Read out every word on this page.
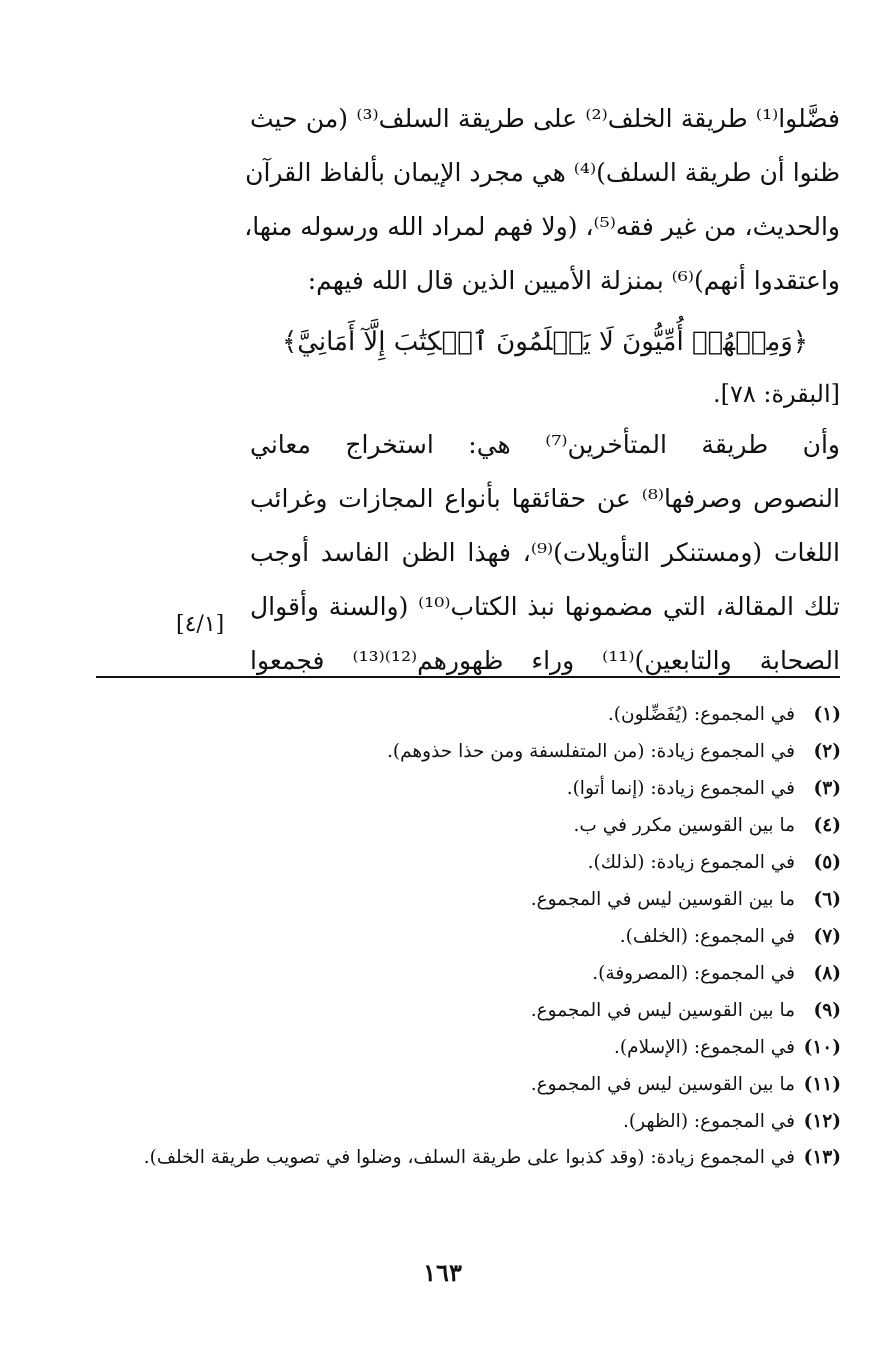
فضَّلوا⁽¹⁾ طريقة الخلف⁽²⁾ على طريقة السلف⁽³⁾ (من حيث
ظنوا أن طريقة السلف)⁽⁴⁾ هي مجرد الإيمان بألفاظ القرآن
والحديث، من غير فقه⁽⁵⁾، (ولا فهم لمراد الله ورسوله منها،
واعتقدوا أنهم)⁽⁶⁾ بمنزلة الأميين الذين قال الله فيهم:
﴿وَمِنۡهُمۡ أُمِّيُّونَ لَا يَعۡلَمُونَ ٱلۡكِتَٰبَ إِلَّآ أَمَانِيَّ﴾
[البقرة: ٧٨].
وأن طريقة المتأخرين⁽⁷⁾ هي: استخراج معاني
النصوص وصرفها⁽⁸⁾ عن حقائقها بأنواع المجازات وغرائب
اللغات (ومستنكر التأويلات)⁽⁹⁾، فهذا الظن الفاسد أوجب
تلك المقالة، التي مضمونها نبذ الكتاب⁽¹⁰⁾ (والسنة وأقوال
الصحابة والتابعين)⁽¹¹⁾ وراء ظهورهم⁽¹²⁾⁽¹³⁾ فجمعوا
[٤/١]
(١)
في المجموع: (يُفَضِّلون).
(٢)
في المجموع زيادة: (من المتفلسفة ومن حذا حذوهم).
(٣)
في المجموع زيادة: (إنما أتوا).
(٤)
ما بين القوسين مكرر في ب.
(٥)
في المجموع زيادة: (لذلك).
(٦)
ما بين القوسين ليس في المجموع.
(٧)
في المجموع: (الخلف).
(٨)
في المجموع: (المصروفة).
(٩)
ما بين القوسين ليس في المجموع.
(١٠)
في المجموع: (الإسلام).
(١١)
ما بين القوسين ليس في المجموع.
(١٢)
في المجموع: (الظهر).
(١٣)
في المجموع زيادة: (وقد كذبوا على طريقة السلف، وضلوا في تصويب طريقة الخلف).
١٦٣
